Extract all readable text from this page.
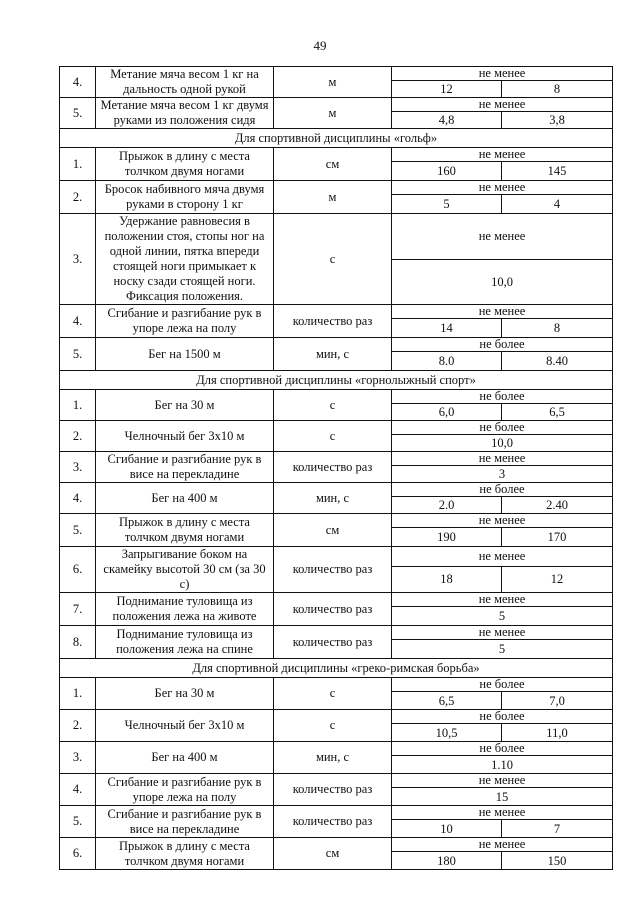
49
4.	Метание мяча весом 1 кг на дальность одной рукой	м	не менее	
			12	8
5.	Метание мяча весом 1 кг двумя руками из положения сидя	м	не менее	
			4,8	3,8
Для спортивной дисциплины «гольф»				
1.	Прыжок в длину с места толчком двумя ногами	см	не менее	
			160	145
2.	Бросок набивного мяча двумя руками в сторону 1 кг	м	не менее	
			5	4
3.	Удержание равновесия в положении стоя, стопы ног на одной линии, пятка впереди стоящей ноги примыкает к носку сзади стоящей ноги. Фиксация положения.	с	не менее	
			10,0	
4.	Сгибание и разгибание рук в упоре лежа на полу	количество раз	не менее	
			14	8
5.	Бег на 1500 м	мин, с	не более	
			8.0	8.40
Для спортивной дисциплины «горнолыжный спорт»				
1.	Бег на 30 м	с	не более	
			6,0	6,5
2.	Челночный бег 3х10 м	с	не более	
			10,0	
3.	Сгибание и разгибание рук в висе на перекладине	количество раз	не менее	
			3	
4.	Бег на 400 м	мин, с	не более	
			2.0	2.40
5.	Прыжок в длину с места толчком двумя ногами	см	не менее	
			190	170
6.	Запрыгивание боком на скамейку высотой 30 см (за 30 с)	количество раз	не менее	
			18	12
7.	Поднимание туловища из положения лежа на животе	количество раз	не менее	
			5	
8.	Поднимание туловища из положения лежа на спине	количество раз	не менее	
			5	
Для спортивной дисциплины «греко-римская борьба»				
1.	Бег на 30 м	с	не более	
			6,5	7,0
2.	Челночный бег 3х10 м	с	не более	
			10,5	11,0
3.	Бег на 400 м	мин, с	не более	
			1.10	
4.	Сгибание и разгибание рук в упоре лежа на полу	количество раз	не менее	
			15	
5.	Сгибание и разгибание рук в висе на перекладине	количество раз	не менее	
			10	7
6.	Прыжок в длину с места толчком двумя ногами	см	не менее	
			180	150
